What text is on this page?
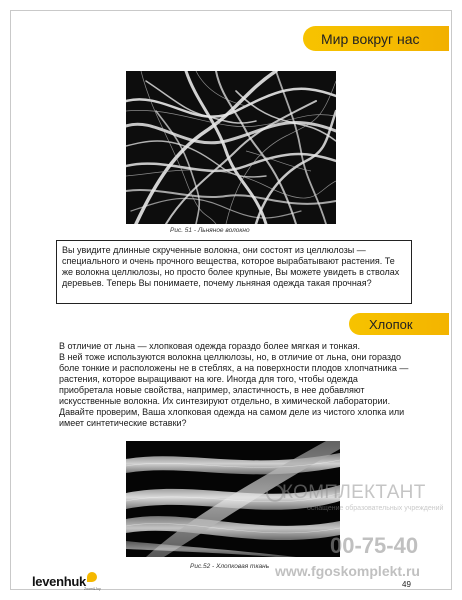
Мир вокруг нас
Рис. 51 - Льняное волокно
Вы увидите длинные скрученные волокна, они состоят из целлюлозы — специального и очень прочного вещества, которое вырабатывают растения. Те же волокна целлюлозы, но просто более крупные, Вы можете увидеть в стволах деревьев. Теперь Вы понимаете, почему льняная одежда такая прочная?
Хлопок

В отличие от льна — хлопковая одежда гораздо более мягкая и тонкая.

В ней тоже используются волокна целлюлозы, но, в отличие от льна, они гораздо боле тонкие и расположены не в стеблях, а на поверхности плодов хлопчатника — растения, которое выращивают на юге. Иногда для того, чтобы одежда приобретала новые свойства, например, эластичность, в нее добавляют искусственные волокна. Их синтезируют отдельно, в химической лаборатории. Давайте проверим, Ваша хлопковая одежда на самом деле из чистого хлопка или имеет синтетические вставки?

Рис.52 - Хлопковая ткань
levenhuk
Zoom&Joy	49
КОМПЛЕКТАНТ
оснащение образовательных учреждений
00-75-40
www.fgoskomplekt.ru
